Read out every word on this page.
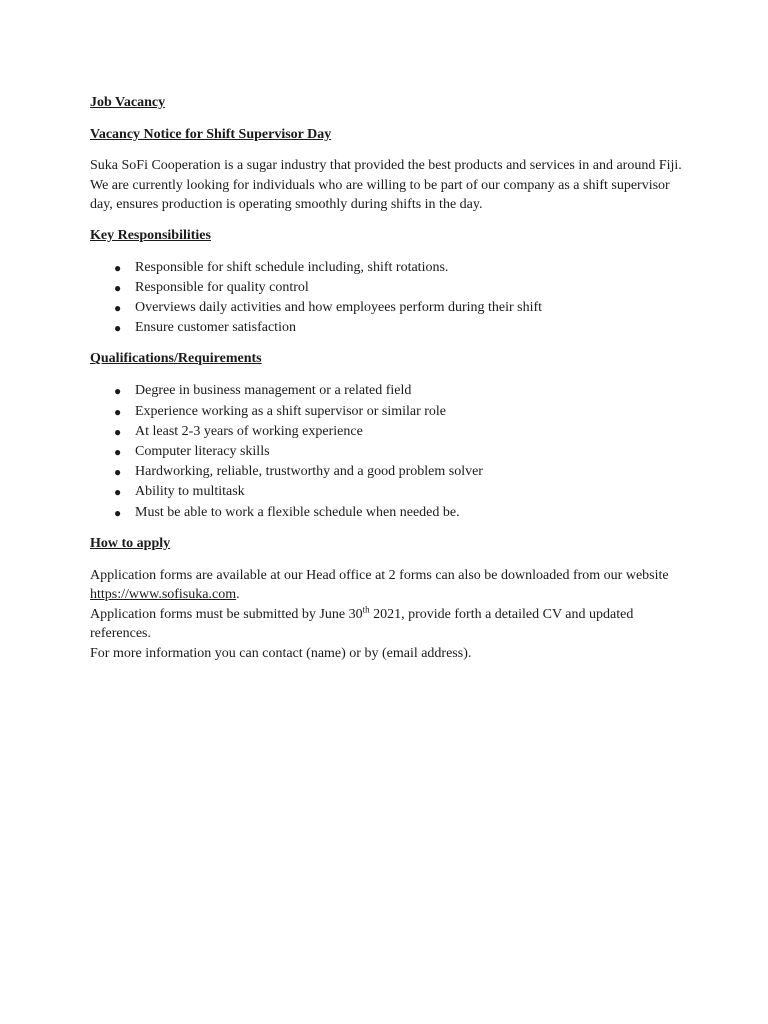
Job Vacancy
Vacancy Notice for Shift Supervisor Day

Suka SoFi Cooperation is a sugar industry that provided the best products and services in and around Fiji. We are currently looking for individuals who are willing to be part of our company as a shift supervisor day, ensures production is operating smoothly during shifts in the day.

Key Responsibilities
● Responsible for shift schedule including, shift rotations.
● Responsible for quality control
● Overviews daily activities and how employees perform during their shift
● Ensure customer satisfaction
Qualifications/Requirements
● Degree in business management or a related field
● Experience working as a shift supervisor or similar role
● At least 2-3 years of working experience
● Computer literacy skills
● Hardworking, reliable, trustworthy and a good problem solver
● Ability to multitask
● Must be able to work a flexible schedule when needed be.
How to apply

Application forms are available at our Head office at 2 forms can also be downloaded from our website https://www.sofisuka.com.

Application forms must be submitted by June 30th 2021, provide forth a detailed CV and updated references.

For more information you can contact (name) or by (email address).
